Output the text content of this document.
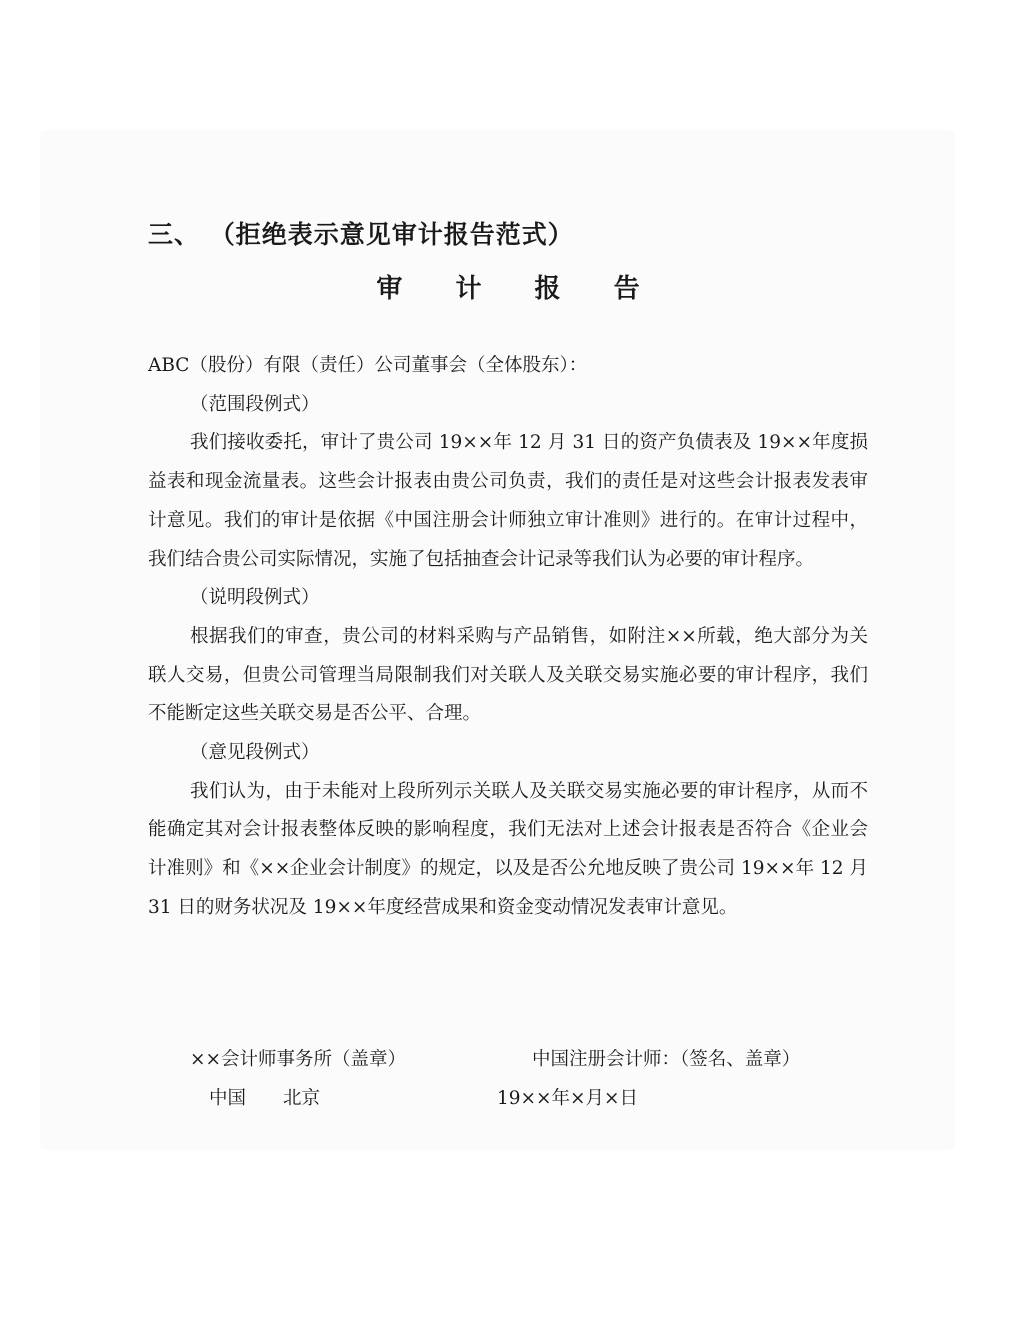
三、 （拒绝表示意见审计报告范式）
审 计 报 告

ABC（股份）有限（责任）公司董事会（全体股东）：

（范围段例式）

我们接收委托，审计了贵公司 19××年 12 月 31 日的资产负债表及 19××年度损益表和现金流量表。这些会计报表由贵公司负责，我们的责任是对这些会计报表发表审计意见。我们的审计是依据《中国注册会计师独立审计准则》进行的。在审计过程中，我们结合贵公司实际情况，实施了包括抽查会计记录等我们认为必要的审计程序。

（说明段例式）

根据我们的审查，贵公司的材料采购与产品销售，如附注××所载，绝大部分为关联人交易，但贵公司管理当局限制我们对关联人及关联交易实施必要的审计程序，我们不能断定这些关联交易是否公平、合理。

（意见段例式）

我们认为，由于未能对上段所列示关联人及关联交易实施必要的审计程序，从而不能确定其对会计报表整体反映的影响程度，我们无法对上述会计报表是否符合《企业会计准则》和《××企业会计制度》的规定，以及是否公允地反映了贵公司 19××年 12 月 31 日的财务状况及 19××年度经营成果和资金变动情况发表审计意见。

××会计师事务所（盖章）	中国注册会计师：（签名、盖章）
中国　　北京	19××年×月×日
